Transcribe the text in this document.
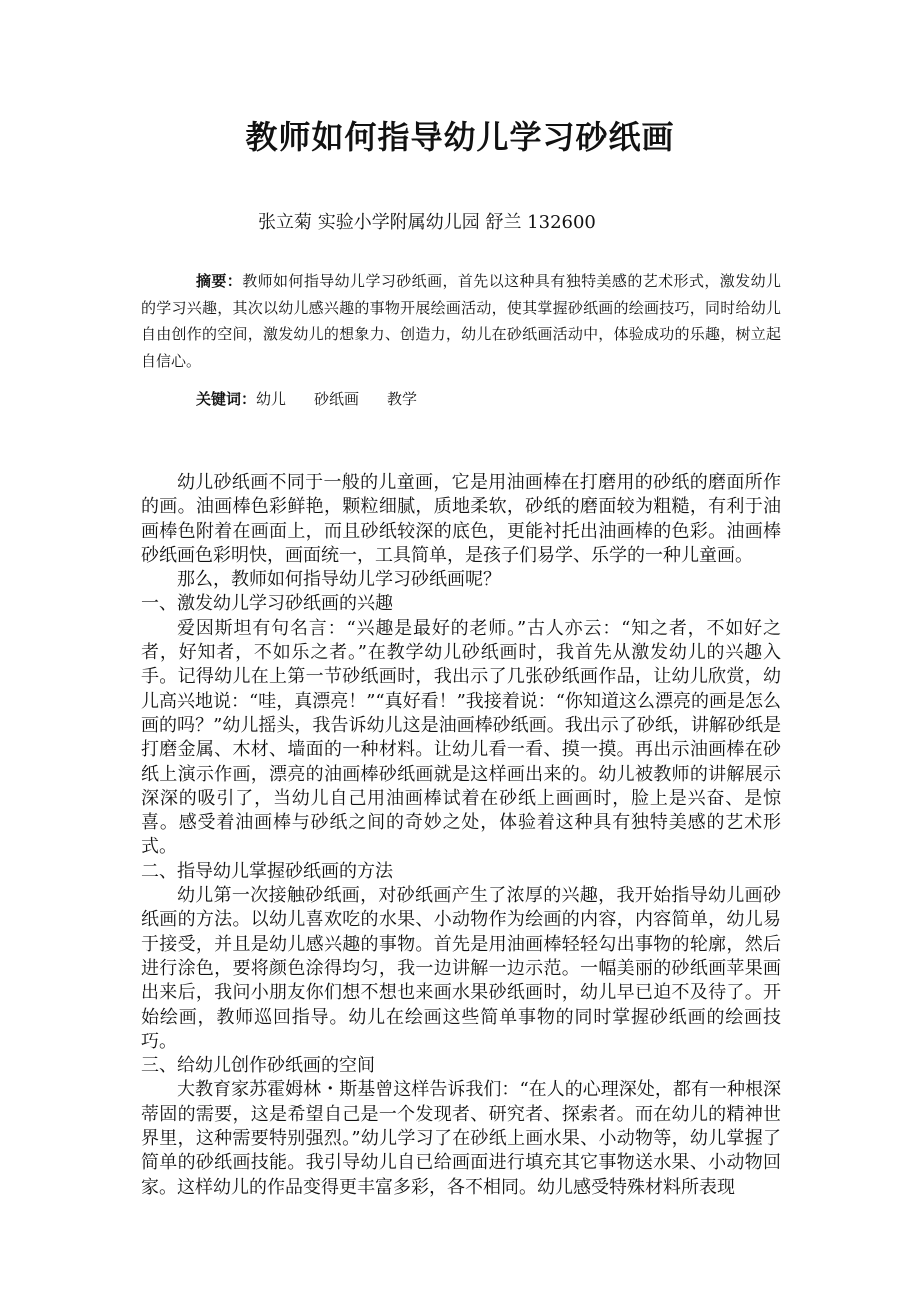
教师如何指导幼儿学习砂纸画
张立菊 实验小学附属幼儿园 舒兰 132600
摘要：教师如何指导幼儿学习砂纸画，首先以这种具有独特美感的艺术形式，激发幼儿的学习兴趣，其次以幼儿感兴趣的事物开展绘画活动，使其掌握砂纸画的绘画技巧，同时给幼儿自由创作的空间，激发幼儿的想象力、创造力，幼儿在砂纸画活动中，体验成功的乐趣，树立起自信心。
关键词：幼儿 砂纸画 教学

幼儿砂纸画不同于一般的儿童画，它是用油画棒在打磨用的砂纸的磨面所作的画。油画棒色彩鲜艳，颗粒细腻，质地柔软，砂纸的磨面较为粗糙，有利于油画棒色附着在画面上，而且砂纸较深的底色，更能衬托出油画棒的色彩。油画棒砂纸画色彩明快，画面统一，工具简单，是孩子们易学、乐学的一种儿童画。

那么，教师如何指导幼儿学习砂纸画呢？

一、激发幼儿学习砂纸画的兴趣

爱因斯坦有句名言：“兴趣是最好的老师。”古人亦云：“知之者，不如好之者，好知者，不如乐之者。”在教学幼儿砂纸画时，我首先从激发幼儿的兴趣入手。记得幼儿在上第一节砂纸画时，我出示了几张砂纸画作品，让幼儿欣赏，幼儿高兴地说：“哇，真漂亮！”“真好看！”我接着说：“你知道这么漂亮的画是怎么画的吗？”幼儿摇头，我告诉幼儿这是油画棒砂纸画。我出示了砂纸，讲解砂纸是打磨金属、木材、墙面的一种材料。让幼儿看一看、摸一摸。再出示油画棒在砂纸上演示作画，漂亮的油画棒砂纸画就是这样画出来的。幼儿被教师的讲解展示深深的吸引了，当幼儿自己用油画棒试着在砂纸上画画时，脸上是兴奋、是惊喜。感受着油画棒与砂纸之间的奇妙之处，体验着这种具有独特美感的艺术形式。

二、指导幼儿掌握砂纸画的方法

幼儿第一次接触砂纸画，对砂纸画产生了浓厚的兴趣，我开始指导幼儿画砂纸画的方法。以幼儿喜欢吃的水果、小动物作为绘画的内容，内容简单，幼儿易于接受，并且是幼儿感兴趣的事物。首先是用油画棒轻轻勾出事物的轮廓，然后进行涂色，要将颜色涂得均匀，我一边讲解一边示范。一幅美丽的砂纸画苹果画出来后，我问小朋友你们想不想也来画水果砂纸画时，幼儿早已迫不及待了。开始绘画，教师巡回指导。幼儿在绘画这些简单事物的同时掌握砂纸画的绘画技巧。

三、给幼儿创作砂纸画的空间

大教育家苏霍姆林・斯基曾这样告诉我们：“在人的心理深处，都有一种根深蒂固的需要，这是希望自己是一个发现者、研究者、探索者。而在幼儿的精神世界里，这种需要特别强烈。”幼儿学习了在砂纸上画水果、小动物等，幼儿掌握了简单的砂纸画技能。我引导幼儿自已给画面进行填充其它事物送水果、小动物回家。这样幼儿的作品变得更丰富多彩，各不相同。幼儿感受特殊材料所表现
